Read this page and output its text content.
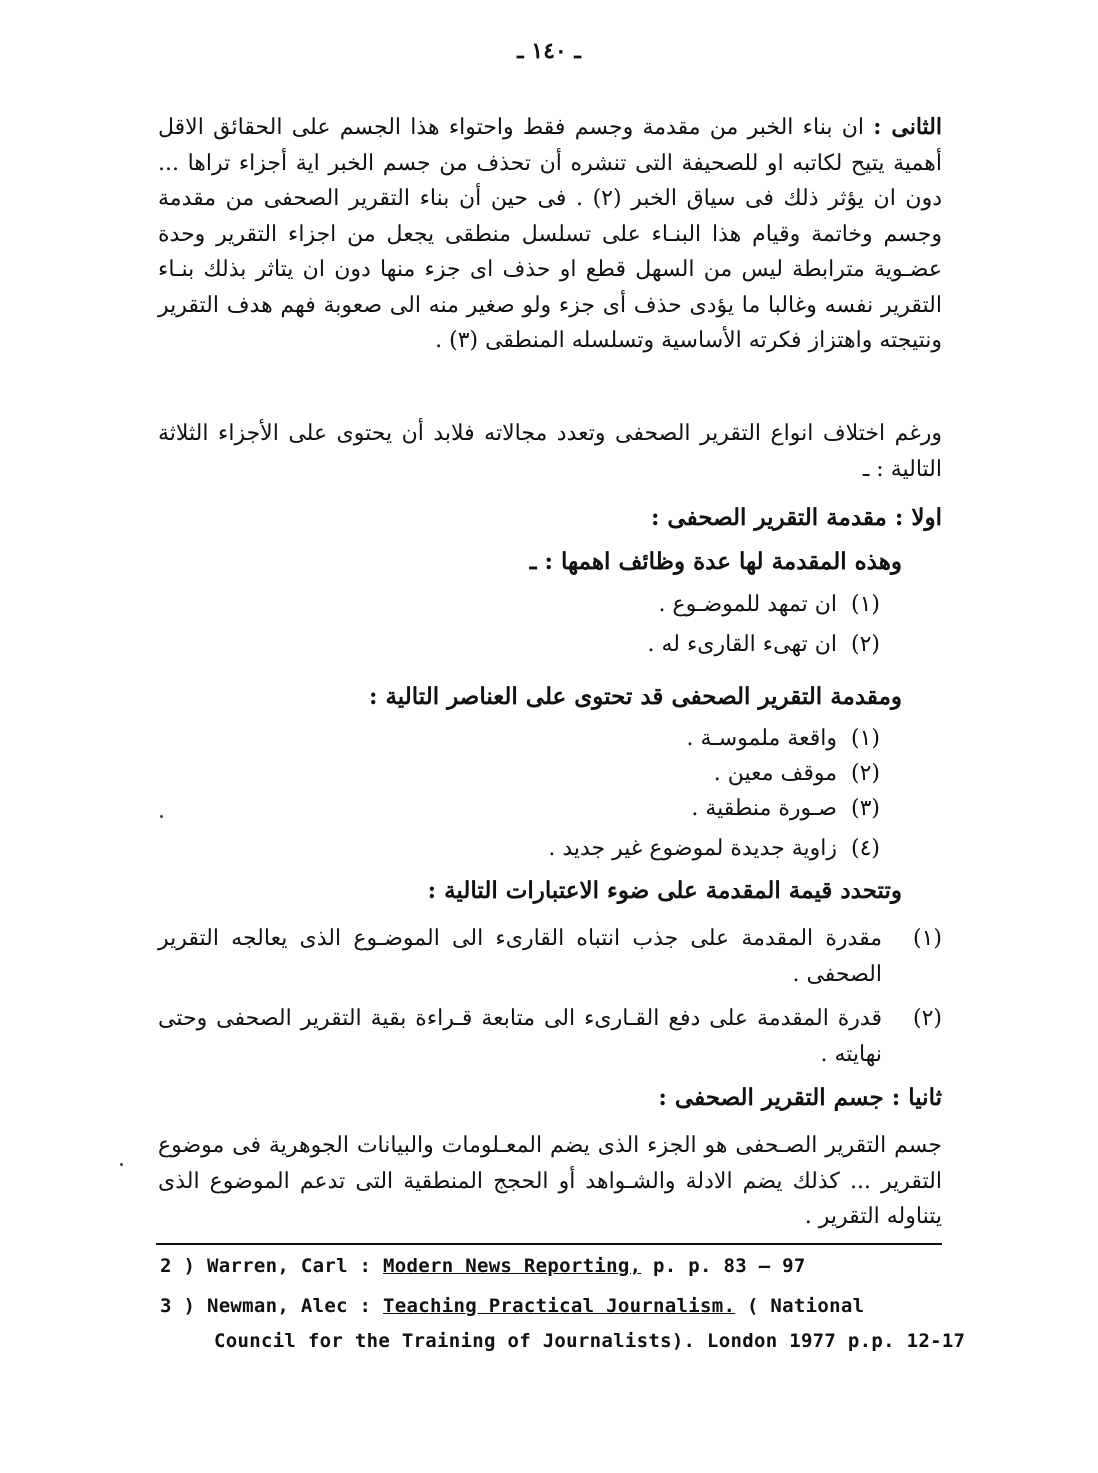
ـ ١٤٠ ـ
الثانى : ان بناء الخبر من مقدمة وجسم فقط واحتواء هذا الجسم على الحقائق الاقل أهمية يتيح لكاتبه او للصحيفة التى تنشره أن تحذف من جسم الخبر اية أجزاء تراها ... دون ان يؤثر ذلك فى سياق الخبر (٢) . فى حين أن بناء التقرير الصحفى من مقدمة وجسم وخاتمة وقيام هذا البنـاء على تسلسل منطقى يجعل من اجزاء التقرير وحدة عضـوية مترابطة ليس من السهل قطع او حذف اى جزء منها دون ان يتاثر بذلك بنـاء التقرير نفسه وغالبا ما يؤدى حذف أى جزء ولو صغير منه الى صعوبة فهم هدف التقرير ونتيجته واهتزاز فكرته الأساسية وتسلسله المنطقى (٣) .
ورغم اختلاف انواع التقرير الصحفى وتعدد مجالاته فلابد أن يحتوى على الأجزاء الثلاثة التالية : ـ
اولا : مقدمة التقرير الصحفى :
وهذه المقدمة لها عدة وظائف اهمها : ـ
(١)ان تمهد للموضـوع .
(٢)ان تهىء القارىء له .
ومقدمة التقرير الصحفى قد تحتوى على العناصر التالية :
(١)واقعة ملموسـة .
(٢)موقف معين .
(٣)صـورة منطقية .
(٤)زاوية جديدة لموضوع غير جديد .
وتتحدد قيمة المقدمة على ضوء الاعتبارات التالية :
(١)
مقدرة المقدمة على جذب انتباه القارىء الى الموضـوع الذى يعالجه التقرير الصحفى .
(٢)
قدرة المقدمة على دفع القـارىء الى متابعة قـراءة بقية التقرير الصحفى وحتى نهايته .
ثانيا : جسم التقرير الصحفى :
جسم التقرير الصـحفى هو الجزء الذى يضم المعـلومات والبيانات الجوهرية فى موضوع التقرير ... كذلك يضم الادلة والشـواهد أو الحجج المنطقية التى تدعم الموضوع الذى يتناوله التقرير .
2 ) Warren, Carl : Modern News Reporting, p. p. 83 — 97
3 ) Newman, Alec : Teaching Practical Journalism. ( National
Council for the Training of Journalists). London 1977 p.p. 12-17
